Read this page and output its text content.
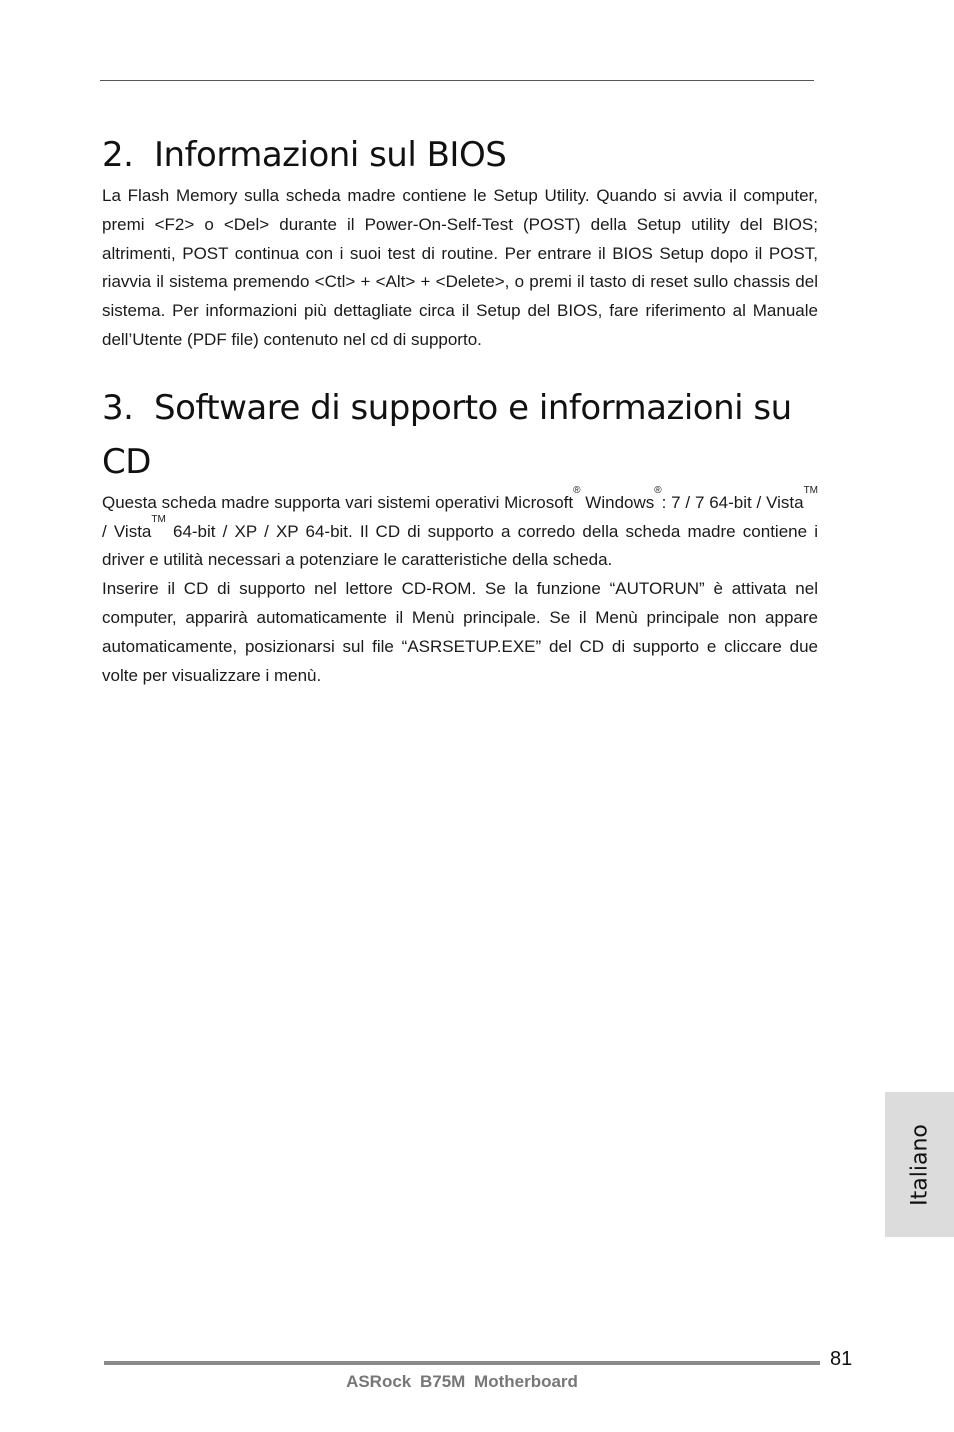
2. Informazioni sul BIOS

La Flash Memory sulla scheda madre contiene le Setup Utility. Quando si avvia il computer, premi <F2> o <Del> durante il Power-On-Self-Test (POST) della Setup utility del BIOS; altrimenti, POST continua con i suoi test di routine. Per entrare il BIOS Setup dopo il POST, riavvia il sistema premendo <Ctl> + <Alt> + <Delete>, o premi il tasto di reset sullo chassis del sistema. Per informazioni più dettagliate circa il Setup del BIOS, fare riferimento al Manuale dell’Utente (PDF file) contenuto nel cd di supporto.

3. Software di supporto e informazioni su CD

Questa scheda madre supporta vari sistemi operativi Microsoft® Windows®: 7 / 7 64-bit / Vista™ / Vista™ 64-bit / XP / XP 64-bit. Il CD di supporto a corredo della scheda madre contiene i driver e utilità necessari a potenziare le caratteristiche della scheda.

Inserire il CD di supporto nel lettore CD-ROM. Se la funzione “AUTORUN” è attivata nel computer, apparirà automaticamente il Menù principale. Se il Menù principale non appare automaticamente, posizionarsi sul file “ASRSETUP.EXE” del CD di supporto e cliccare due volte per visualizzare i menù.

Italiano
81
ASRock B75M Motherboard
